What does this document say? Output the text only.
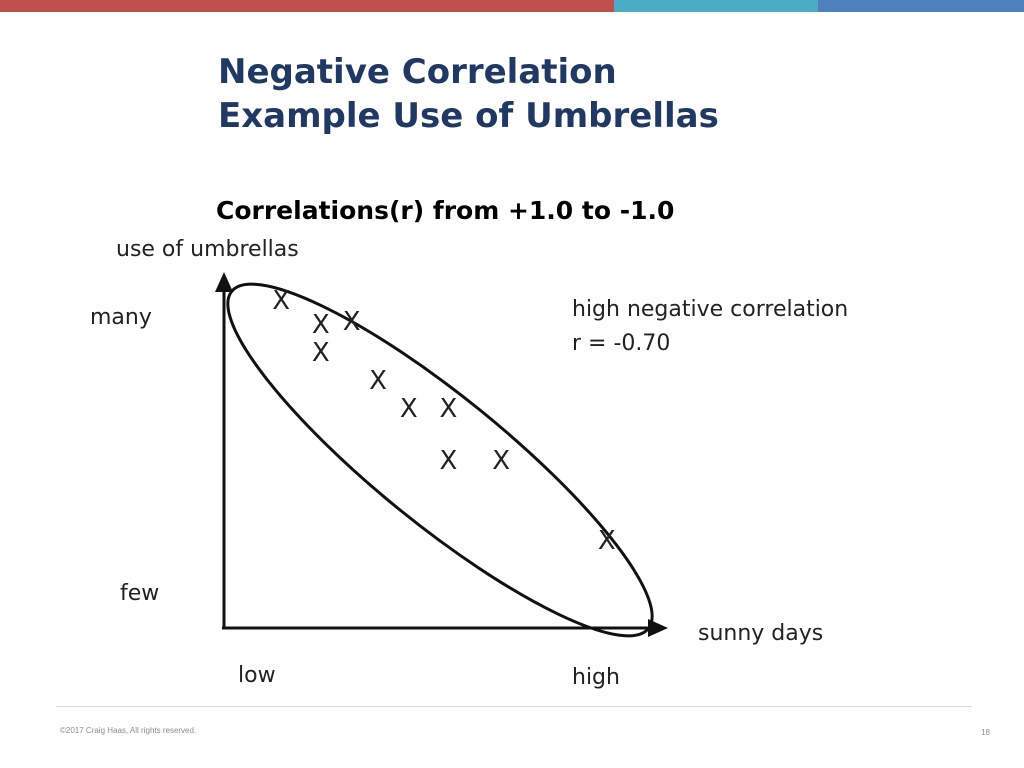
Negative Correlation
Example Use of Umbrellas

Correlations(r) from +1.0 to -1.0

X
X X
X
X
X X
X X
X
use of umbrellas
many
few
sunny days
low	high
high negative correlation
r = -0.70
©2017 Craig Haas, All rights reserved.	18
